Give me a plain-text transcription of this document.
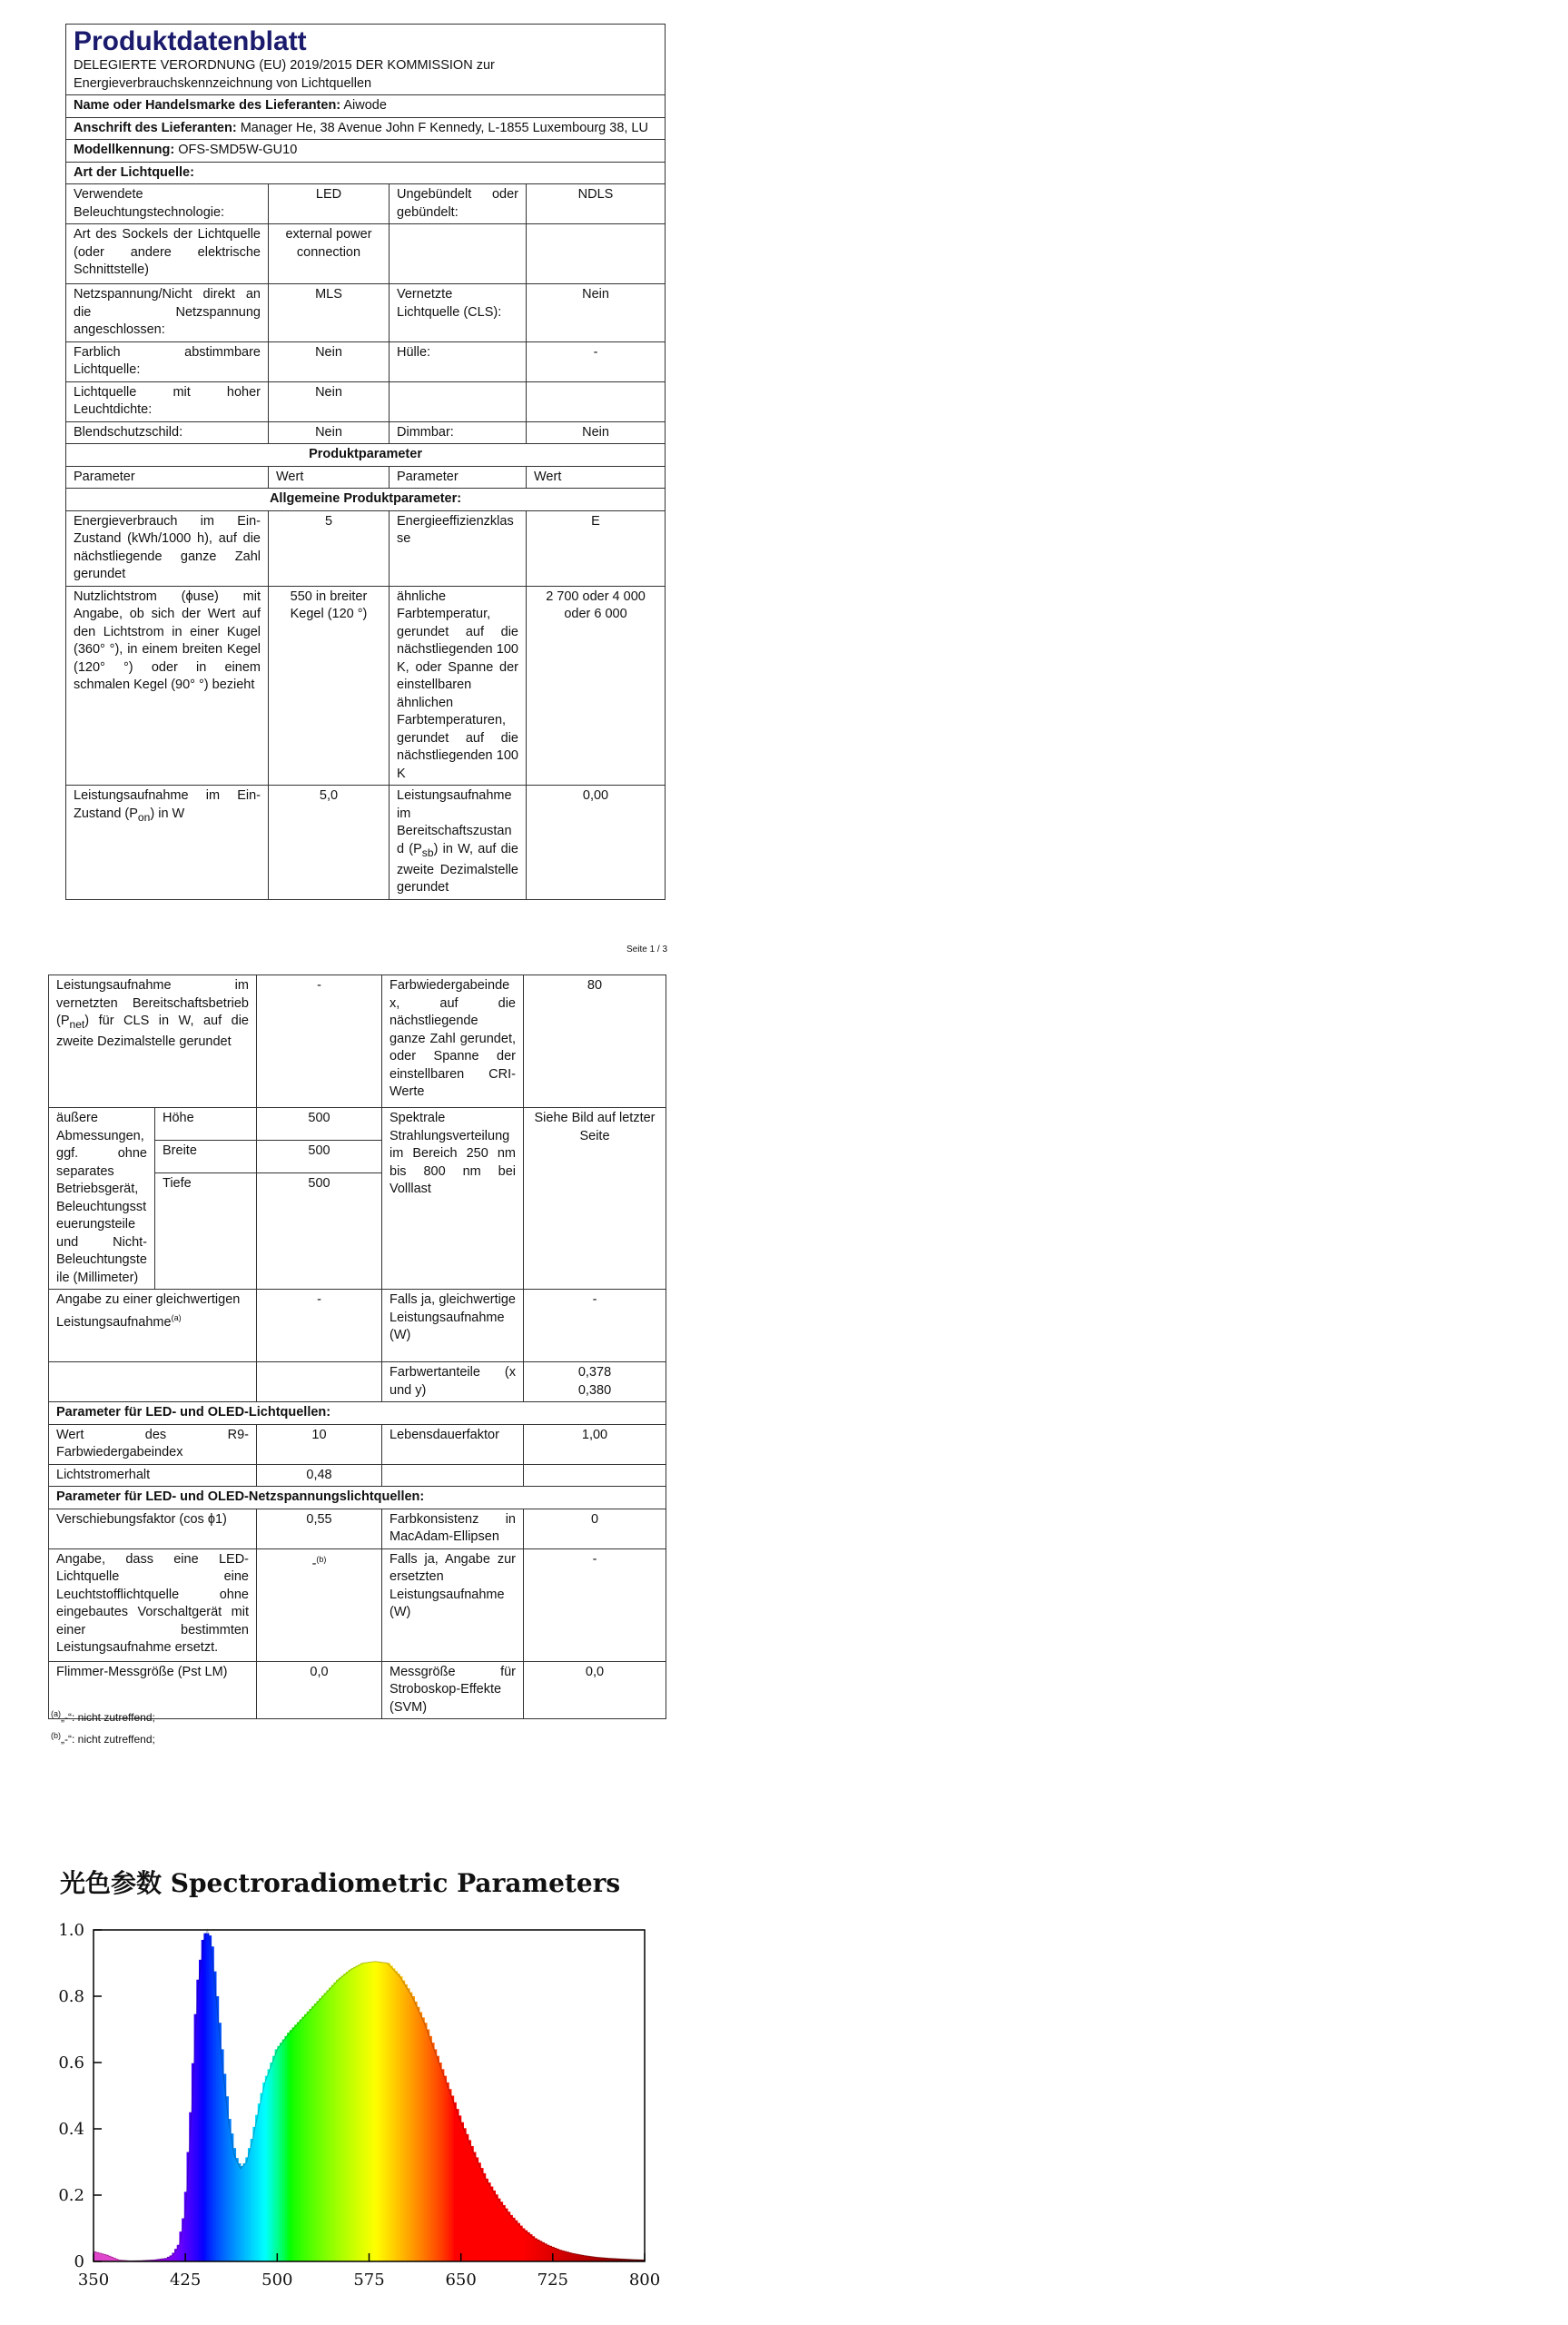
Produktdatenblatt
DELEGIERTE VERORDNUNG (EU) 2019/2015 DER KOMMISSION zur Energieverbrauchskennzeichnung von Lichtquellen			

Name oder Handelsmarke des Lieferanten: Aiwode			
Anschrift des Lieferanten: Manager He, 38 Avenue John F Kennedy, L-1855 Luxembourg 38, LU			
Modellkennung: OFS-SMD5W-GU10			
Art der Lichtquelle:			
Verwendete Beleuchtungstechnologie:	LED	Ungebündelt oder gebündelt:	NDLS
Art des Sockels der Lichtquelle (oder andere elektrische Schnittstelle)	external power connection		
Netzspannung/Nicht direkt an die Netzspannung angeschlossen:	MLS	Vernetzte Lichtquelle (CLS):	Nein
Farblich abstimmbare Lichtquelle:	Nein	Hülle:	-
Lichtquelle mit hoher Leuchtdichte:	Nein		
Blendschutzschild:	Nein	Dimmbar:	Nein
Produktparameter			
Parameter	Wert	Parameter	Wert
Allgemeine Produktparameter:			
Energieverbrauch im Ein-Zustand (kWh/1000 h), auf die nächstliegende ganze Zahl gerundet	5	Energieeffizienzklasse	E
Nutzlichtstrom (ϕuse) mit Angabe, ob sich der Wert auf den Lichtstrom in einer Kugel (360° °), in einem breiten Kegel (120° °) oder in einem schmalen Kegel (90° °) bezieht	550 in breiter Kegel (120 °)	ähnliche Farbtemperatur, gerundet auf die nächstliegenden 100 K, oder Spanne der einstellbaren ähnlichen Farbtemperaturen, gerundet auf die nächstliegenden 100 K	2 700 oder 4 000 oder 6 000
Leistungsaufnahme im Ein-Zustand $(P_{on})$ in W	5,0	Leistungsaufnahme im Bereitschaftszustand $(P_{sb})$ in W, auf die zweite Dezimalstelle gerundet	0,00
Seite 1 / 3
Leistungsaufnahme im vernetzten Bereitschaftsbetrieb $(P_{net})$ für CLS in W, auf die zweite Dezimalstelle gerundet		-	Farbwiedergabeindex, auf die nächstliegende ganze Zahl gerundet, oder Spanne der einstellbaren CRI-Werte	80
äußere Abmessungen, ggf. ohne separates Betriebsgerät, Beleuchtungssteuerungsteile und Nicht-Beleuchtungsteile (Millimeter)	Höhe	500	Spektrale Strahlungsverteilung im Bereich 250 nm bis 800 nm bei Volllast	Siehe Bild auf letzter Seite
	Breite	500		
	Tiefe	500		
Angabe zu einer gleichwertigen Leistungsaufnahme$^{(a)}$		-	Falls ja, gleichwertige Leistungsaufnahme (W)	-
			Farbwertanteile (x und y)	0,378
0,380

Parameter für LED- und OLED-Lichtquellen:				
Wert des R9-Farbwiedergabeindex		10	Lebensdauerfaktor	1,00
Lichtstromerhalt		0,48		
Parameter für LED- und OLED-Netzspannungslichtquellen:				
Verschiebungsfaktor (cos ϕ1)		0,55	Farbkonsistenz in MacAdam-Ellipsen	0
Angabe, dass eine LED-Lichtquelle eine Leuchtstofflichtquelle ohne eingebautes Vorschaltgerät mit einer bestimmten Leistungsaufnahme ersetzt.		-$^{(b)}$	Falls ja, Angabe zur ersetzten Leistungsaufnahme (W)	-
Flimmer-Messgröße (Pst LM)		0,0	Messgröße für Stroboskop-Effekte (SVM)	0,0
$^{(a)}$„-“: nicht zutreffend;
$^{(b)}$„-“: nicht zutreffend;
光色参数 Spectroradiometric Parameters
0
0.2
0.4
0.6
0.8
1.0
350	425	500	575	650	725	800
